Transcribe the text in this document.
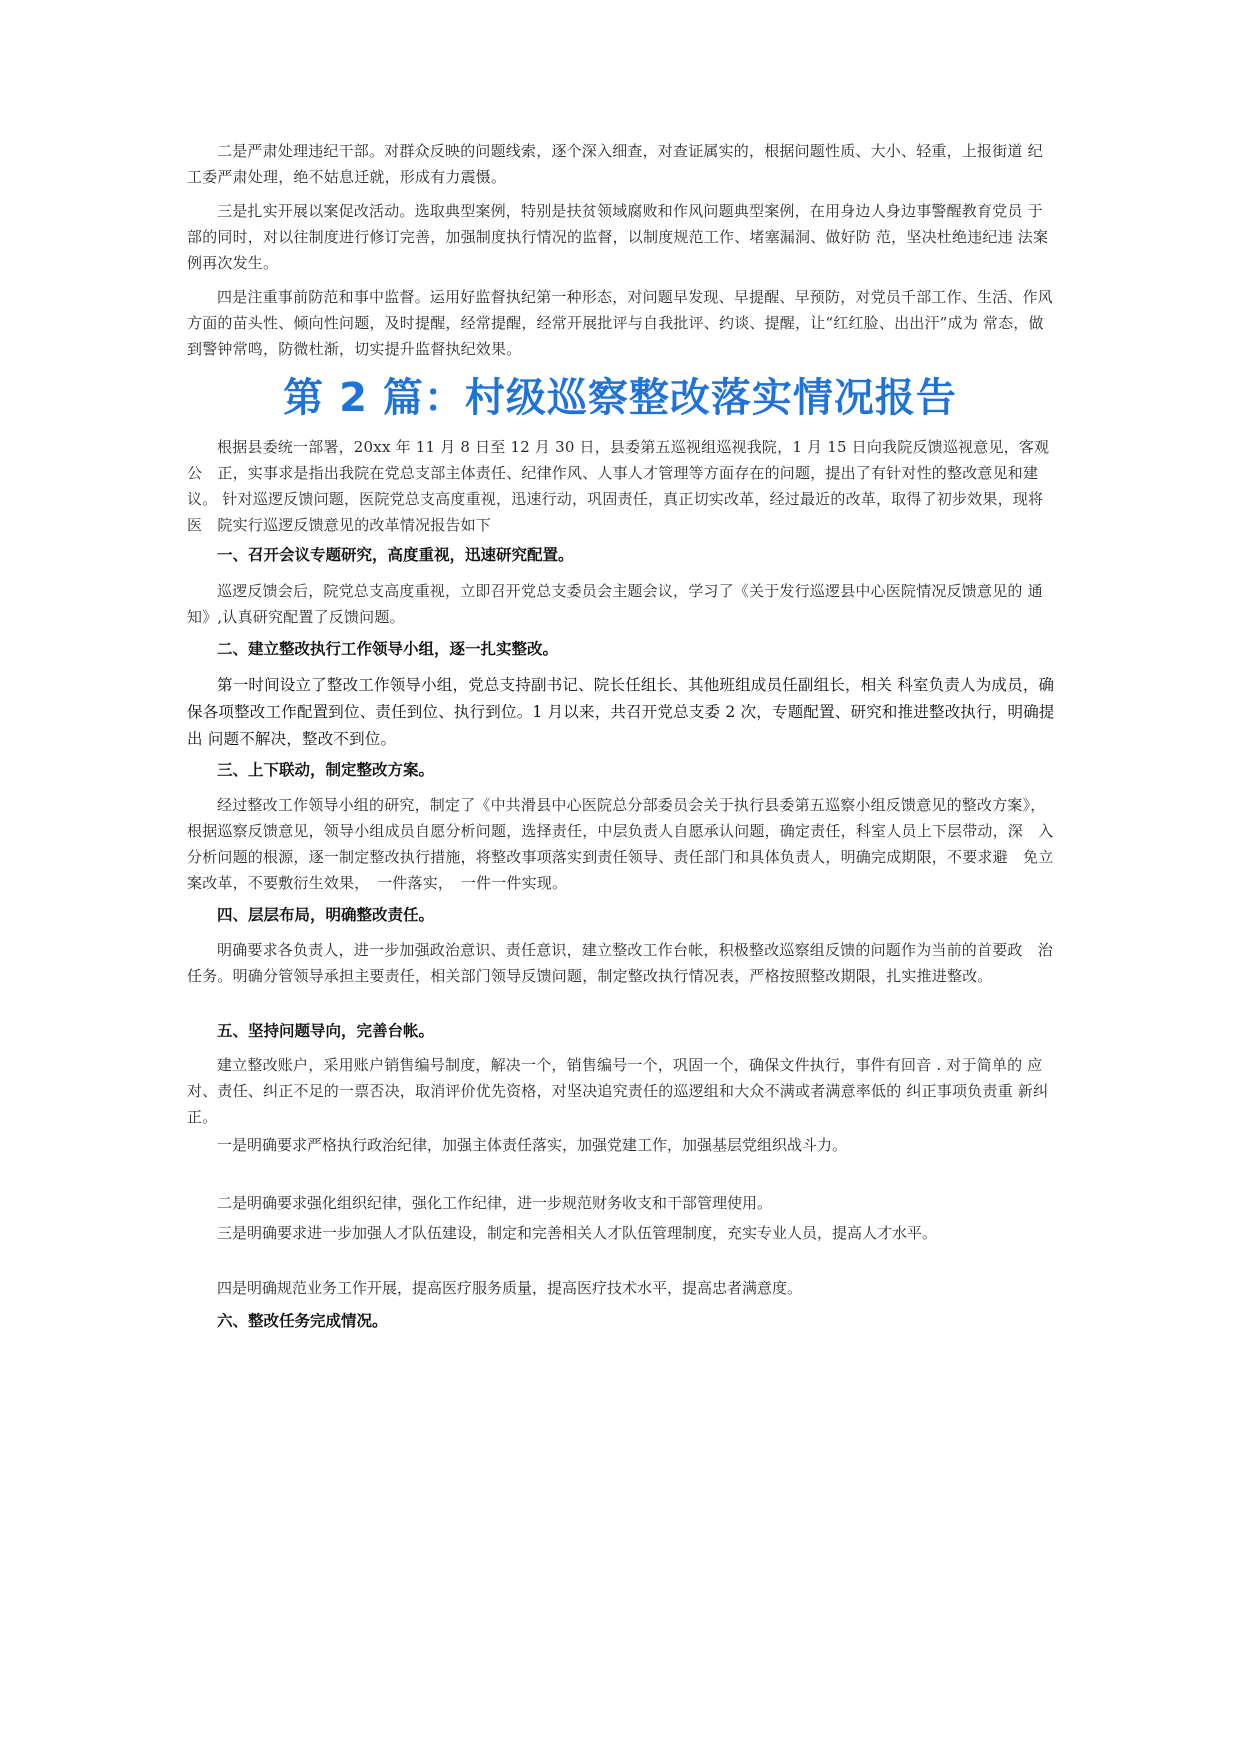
二是严肃处理违纪干部。对群众反映的问题线索，逐个深入细查，对查证属实的，根据问题性质、大小、轻重，上报街道 纪工委严肃处理，绝不姑息迁就，形成有力震慑。

三是扎实开展以案促改活动。选取典型案例，特别是扶贫领域腐败和作风问题典型案例，在用身边人身边事警醒教育党员 于部的同时，对以往制度进行修订完善，加强制度执行情况的监督，以制度规范工作、堵塞漏洞、做好防 范，坚决杜绝违纪违 法案例再次发生。

四是注重事前防范和事中监督。运用好监督执纪第一种形态，对问题早发现、早提醒、早预防，对党员千部工作、生活、作风方面的苗头性、倾向性问题，及时提醒，经常提醒，经常开展批评与自我批评、约谈、提醒，让“红红脸、出出汗”成为 常态，做到警钟常鸣，防微杜渐，切实提升监督执纪效果。

第 2 篇：村级巡察整改落实情况报告

根据县委统一部署，20xx 年 11 月 8 日至 12 月 30 日，县委第五巡视组巡视我院，1 月 15 日向我院反馈巡视意见，客观公　正，实事求是指出我院在党总支部主体责任、纪律作风、人事人才管理等方面存在的问题，提出了有针对性的整改意见和建议。 针对巡逻反馈问题，医院党总支高度重视，迅速行动，巩固责任，真正切实改革，经过最近的改革，取得了初步效果，现将医　院实行巡逻反馈意见的改革情况报告如下

一、召开会议专题研究，高度重视，迅速研究配置。

巡逻反馈会后，院党总支高度重视，立即召开党总支委员会主题会议，学习了《关于发行巡逻县中心医院情况反馈意见的 通知》,认真研究配置了反馈问题。

二、建立整改执行工作领导小组，逐一扎实整改。

第一时间设立了整改工作领导小组，党总支持副书记、院长任组长、其他班组成员任副组长，相关 科室负责人为成员，确保各项整改工作配置到位、责任到位、执行到位。1 月以来，共召开党总支委 2 次，专题配置、研究和推进整改执行，明确提出 问题不解决，整改不到位。

三、上下联动，制定整改方案。

经过整改工作领导小组的研究，制定了《中共滑县中心医院总分部委员会关于执行县委第五巡察小组反馈意见的整改方案》，根据巡察反馈意见，领导小组成员自愿分析问题，选择责任，中层负责人自愿承认问题，确定责任，科室人员上下层带动，深　入分析问题的根源，逐一制定整改执行措施，将整改事项落实到责任领导、责任部门和具体负责人，明确完成期限，不要求避　免立案改革，不要敷衍生效果，　一件落实，　一件一件实现。

四、层层布局，明确整改责任。

明确要求各负责人，进一步加强政治意识、责任意识，建立整改工作台帐，积极整改巡察组反馈的问题作为当前的首要政　治任务。明确分管领导承担主要责任，相关部门领导反馈问题，制定整改执行情况表，严格按照整改期限，扎实推进整改。

五、坚持问题导向，完善台帐。

建立整改账户，采用账户销售编号制度，解决一个，销售编号一个，巩固一个，确保文件执行，事件有回音 . 对于简单的 应对、责任、纠正不足的一票否决，取消评价优先资格，对坚决追究责任的巡逻组和大众不满或者满意率低的 纠正事项负责重 新纠正。

一是明确要求严格执行政治纪律，加强主体责任落实，加强党建工作，加强基层党组织战斗力。

二是明确要求强化组织纪律，强化工作纪律，进一步规范财务收支和干部管理使用。

三是明确要求进一步加强人才队伍建设，制定和完善相关人才队伍管理制度，充实专业人员，提高人才水平。

四是明确规范业务工作开展，提高医疗服务质量，提高医疗技术水平，提高忠者满意度。

六、整改任务完成情况。
